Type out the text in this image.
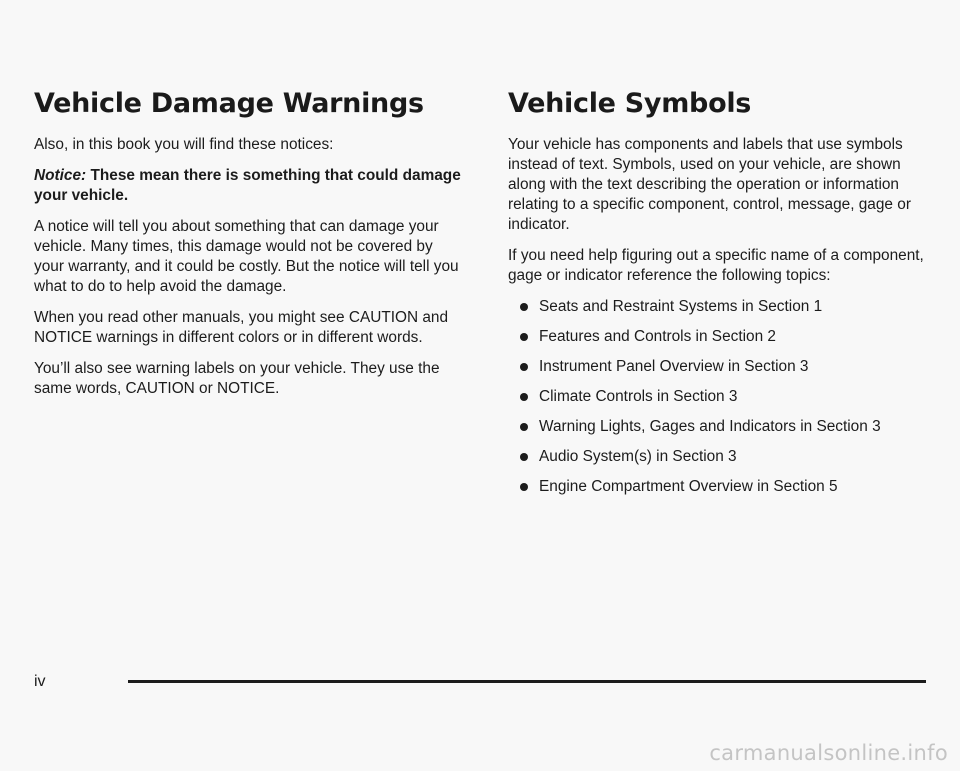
Vehicle Damage Warnings

Also, in this book you will find these notices:

Notice: These mean there is something that could damage your vehicle.

A notice will tell you about something that can damage your vehicle. Many times, this damage would not be covered by your warranty, and it could be costly. But the notice will tell you what to do to help avoid the damage.

When you read other manuals, you might see CAUTION and NOTICE warnings in different colors or in different words.

You’ll also see warning labels on your vehicle. They use the same words, CAUTION or NOTICE.

Vehicle Symbols

Your vehicle has components and labels that use symbols instead of text. Symbols, used on your vehicle, are shown along with the text describing the operation or information relating to a specific component, control, message, gage or indicator.

If you need help figuring out a specific name of a component, gage or indicator reference the following topics:

Seats and Restraint Systems in Section 1
Features and Controls in Section 2
Instrument Panel Overview in Section 3
Climate Controls in Section 3
Warning Lights, Gages and Indicators in Section 3
Audio System(s) in Section 3
Engine Compartment Overview in Section 5
iv
carmanualsonline.info
